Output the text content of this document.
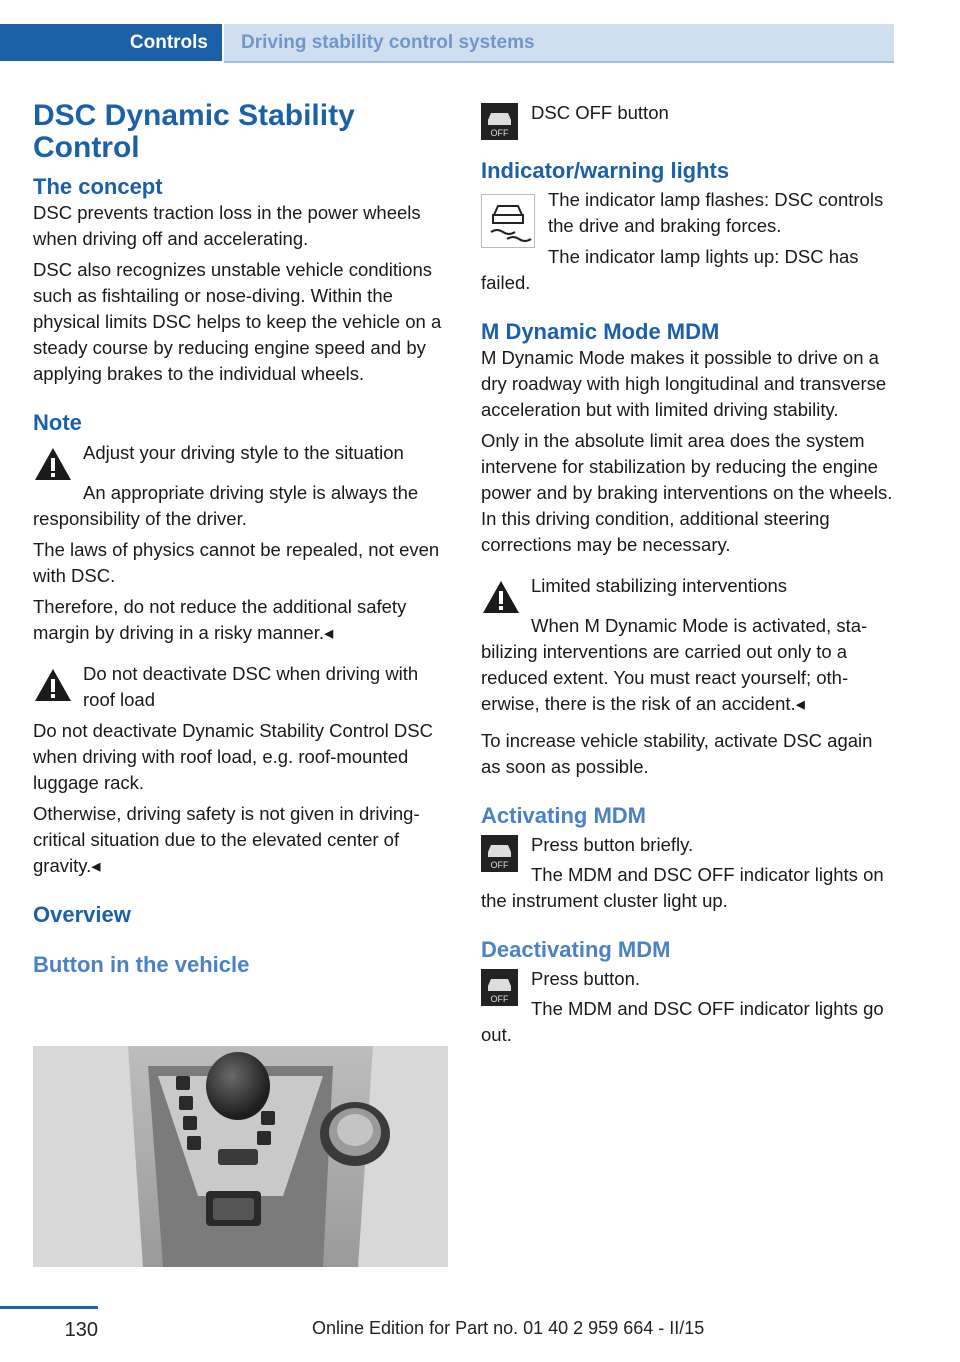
Controls	Driving stability control systems
DSC Dynamic Stability Control
The concept

DSC prevents traction loss in the power wheels when driving off and accelerating.

DSC also recognizes unstable vehicle conditions such as fishtailing or nose-diving. Within the physical limits DSC helps to keep the vehicle on a steady course by reducing engine speed and by applying brakes to the individual wheels.

Note

Adjust your driving style to the situation

An appropriate driving style is always the responsibility of the driver.

The laws of physics cannot be repealed, not even with DSC.

Therefore, do not reduce the additional safety margin by driving in a risky manner.◂

Do not deactivate DSC when driving with roof load

Do not deactivate Dynamic Stability Control DSC when driving with roof load, e.g. roof-mounted luggage rack.

Otherwise, driving safety is not given in driving-critical situation due to the elevated center of gravity.◂

Overview
Button in the vehicle
OFF

DSC OFF button

Indicator/warning lights

The indicator lamp flashes: DSC controls the drive and braking forces.

The indicator lamp lights up: DSC has failed.

M Dynamic Mode MDM

M Dynamic Mode makes it possible to drive on a dry roadway with high longitudinal and transverse acceleration but with limited driving stability.

Only in the absolute limit area does the system intervene for stabilization by reducing the engine power and by braking interventions on the wheels. In this driving condition, additional steering corrections may be necessary.

Limited stabilizing interventions

When M Dynamic Mode is activated, stabilizing interventions are carried out only to a reduced extent. You must react yourself; otherwise, there is the risk of an accident.◂

To increase vehicle stability, activate DSC again as soon as possible.

Activating MDM
OFF

Press button briefly.

The MDM and DSC OFF indicator lights on the instrument cluster light up.

Deactivating MDM
OFF

Press button.

The MDM and DSC OFF indicator lights go out.

130	Online Edition for Part no. 01 40 2 959 664 - II/15
